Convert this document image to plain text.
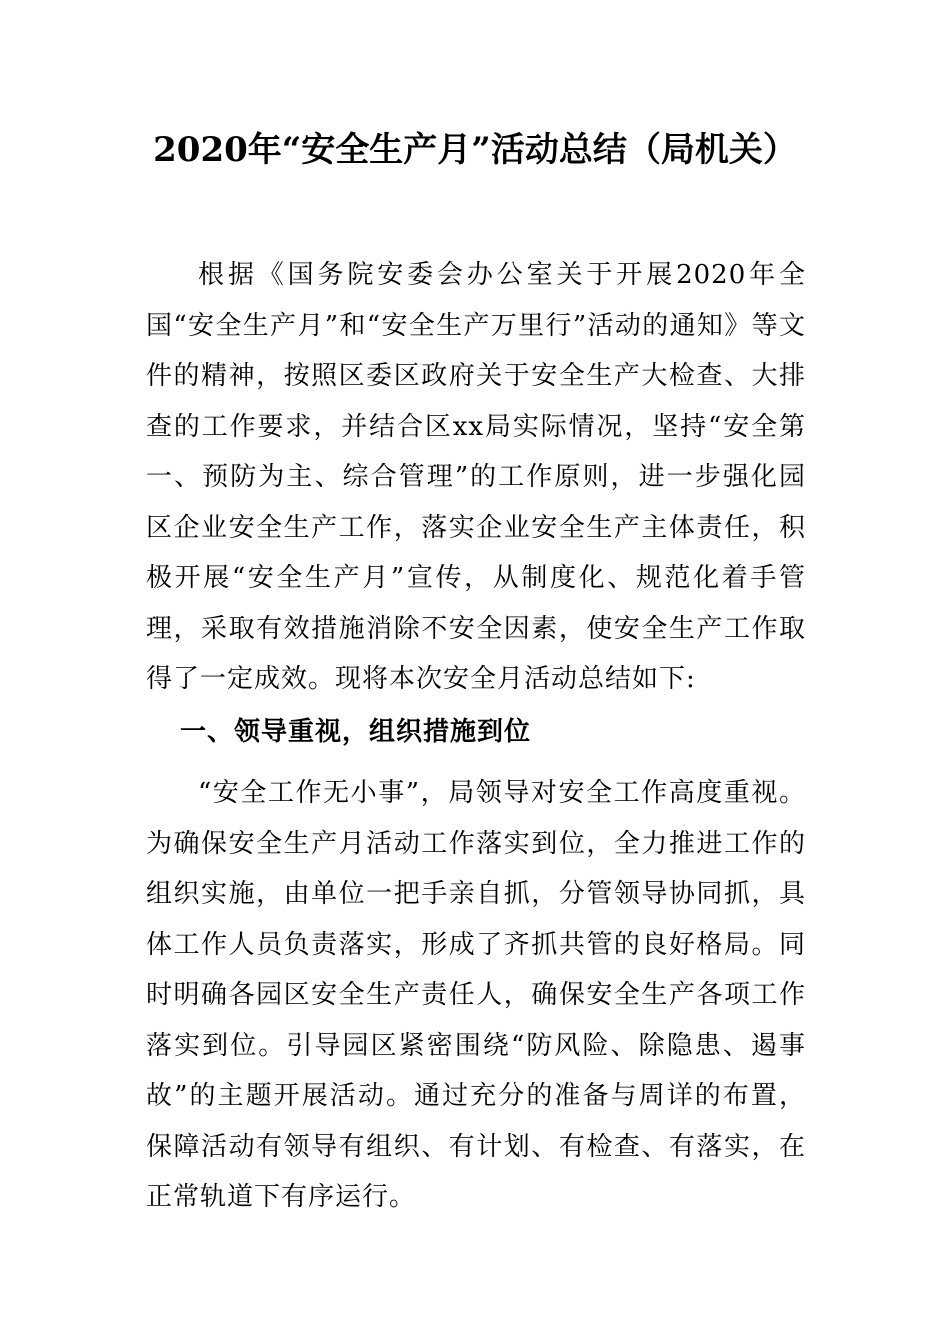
2020年“安全生产月”活动总结（局机关）

根据《国务院安委会办公室关于开展2020年全国“安全生产月”和“安全生产万里行”活动的通知》等文件的精神，按照区委区政府关于安全生产大检查、大排查的工作要求，并结合区xx局实际情况，坚持“安全第一、预防为主、综合管理”的工作原则，进一步强化园区企业安全生产工作，落实企业安全生产主体责任，积极开展“安全生产月”宣传，从制度化、规范化着手管理，采取有效措施消除不安全因素，使安全生产工作取得了一定成效。现将本次安全月活动总结如下:

一、领导重视，组织措施到位

“安全工作无小事”，局领导对安全工作高度重视。为确保安全生产月活动工作落实到位，全力推进工作的组织实施，由单位一把手亲自抓，分管领导协同抓，具体工作人员负责落实，形成了齐抓共管的良好格局。同时明确各园区安全生产责任人，确保安全生产各项工作落实到位。引导园区紧密围绕“防风险、除隐患、遏事故”的主题开展活动。通过充分的准备与周详的布置，保障活动有领导有组织、有计划、有检查、有落实，在正常轨道下有序运行。
